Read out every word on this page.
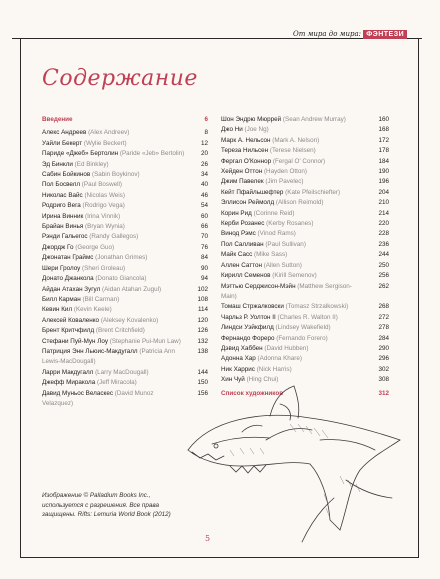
От мира до мира: ФЭНТЕЗИ
Содержание
Введение	6
Алекс Андреев (Alex Andreev)	8
Уайли Бекерт (Wylie Beckert)	12
Париде «Джеб» Бертолин (Paride «Jeb» Bertolin)	20
Эд Бинкли (Ed Binkley)	26
Сабин Бойкинов (Sabin Boykinov)	34
Пол Босвелл (Paul Boswell)	40
Николас Вайс (Nicolas Weis)	46
Родриго Вега (Rodrigo Vega)	54
Ирина Винник (Irina Vinnik)	60
Брайан Винья (Bryan Wynia)	66
Рэнди Гальегос (Randy Gallegos)	70
Джордж Го (George Guo)	76
Джонатан Граймс (Jonathan Grimes)	84
Шери Гролоу (Sheri Groleau)	90
Донато Джанкола (Donato Giancola)	94
Айдан Атахан Зугул (Aidan Atahan Zugul)	102
Билл Карман (Bill Carman)	108
Кевин Кил (Kevin Keele)	114
Алексей Коваленко (Aleksey Kovalenko)	120
Брент Критчфилд (Brent Critchfield)	126
Стефани Пуй-Мун Лоу (Stephanie Pui-Mun Law)	132
Патриция Энн Льюис-Макдугалл (Patricia Ann Lewis-MacDougall)
138
Ларри Макдугалл (Larry MacDougall)	144
Джефф Миракола (Jeff Miracola)	150
Давид Муньос Веласкес (David Munoz Velazquez)
156
Шон Эндрю Мюррей (Sean Andrew Murray)	160
Джо Ни (Joe Ng)	168
Марк А. Нельсон (Mark A. Nelson)	172
Тереза Нильсен (Terese Nielsen)	178
Фергал О'Коннор (Fergal O' Connor)	184
Хейден Оттон (Hayden Otton)	190
Джим Павелек (Jim Pavelec)	196
Кейт Пфайльшефтер (Kate Pfeilschiefter)	204
Эллисон Реймолд (Allison Reimold)	210
Корин Рид (Corinne Reid)	214
Керби Розанес (Kerby Rosanes)	220
Винод Рэмс (Vinod Rams)	228
Пол Салливан (Paul Sullivan)	236
Майк Сасс (Mike Sass)	244
Аллен Саттон (Allen Sutton)	250
Кирилл Семенов (Kirill Semenov)	256
Мэттью Серджисон-Мэйн (Matthew Sergison-Main)
262
Томаш Стржалковски (Tomasz Strzalkowski)	268
Чарльз Р. Уолтон II (Charles R. Walton II)	272
Линдси Уэйкфилд (Lindsey Wakefield)	278
Фернандо Фореро (Fernando Forero)	284
Дэвид Хаббен (David Hubben)	290
Адонна Хар (Adonna Khare)	296
Ник Харрис (Nick Harris)	302
Хин Чуй (Hing Chui)	308
Список художников	312
Изображение © Palladium Books Inc., используется с разрешения. Все права защищены. Rifts: Lemuria World Book (2012)
5
